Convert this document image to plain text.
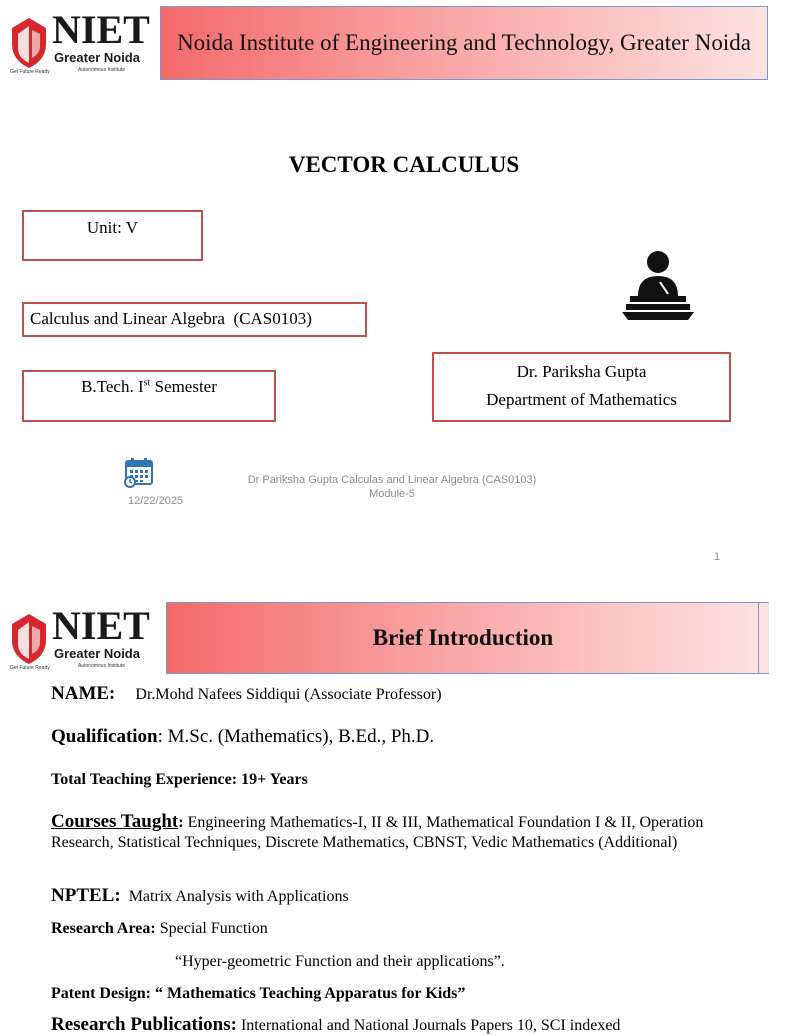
NIET
Greater Noida
Autonomous Institute
Get Future Ready
Noida Institute of Engineering and Technology, Greater Noida
VECTOR CALCULUS
Unit: V
Calculus and Linear Algebra  (CAS0103)
B.Tech. Ist Semester
Dr. Pariksha Gupta
Department of Mathematics
12/22/2025
Dr Pariksha Gupta Calculas and Linear Algebra (CAS0103)
Module-5
1
NIET
Greater Noida
Autonomous Institute
Get Future Ready
Brief Introduction
NAME: Dr.Mohd Nafees Siddiqui (Associate Professor)
Qualification: M.Sc. (Mathematics), B.Ed., Ph.D.
Total Teaching Experience: 19+ Years
Courses Taught: Engineering Mathematics-I, II & III, Mathematical Foundation I & II, Operation Research, Statistical Techniques, Discrete Mathematics, CBNST, Vedic Mathematics (Additional)
NPTEL: Matrix Analysis with Applications
Research Area: Special Function
“Hyper-geometric Function and their applications”.
Patent Design: “ Mathematics Teaching Apparatus for Kids”
Research Publications: International and National Journals Papers 10, SCI indexed
